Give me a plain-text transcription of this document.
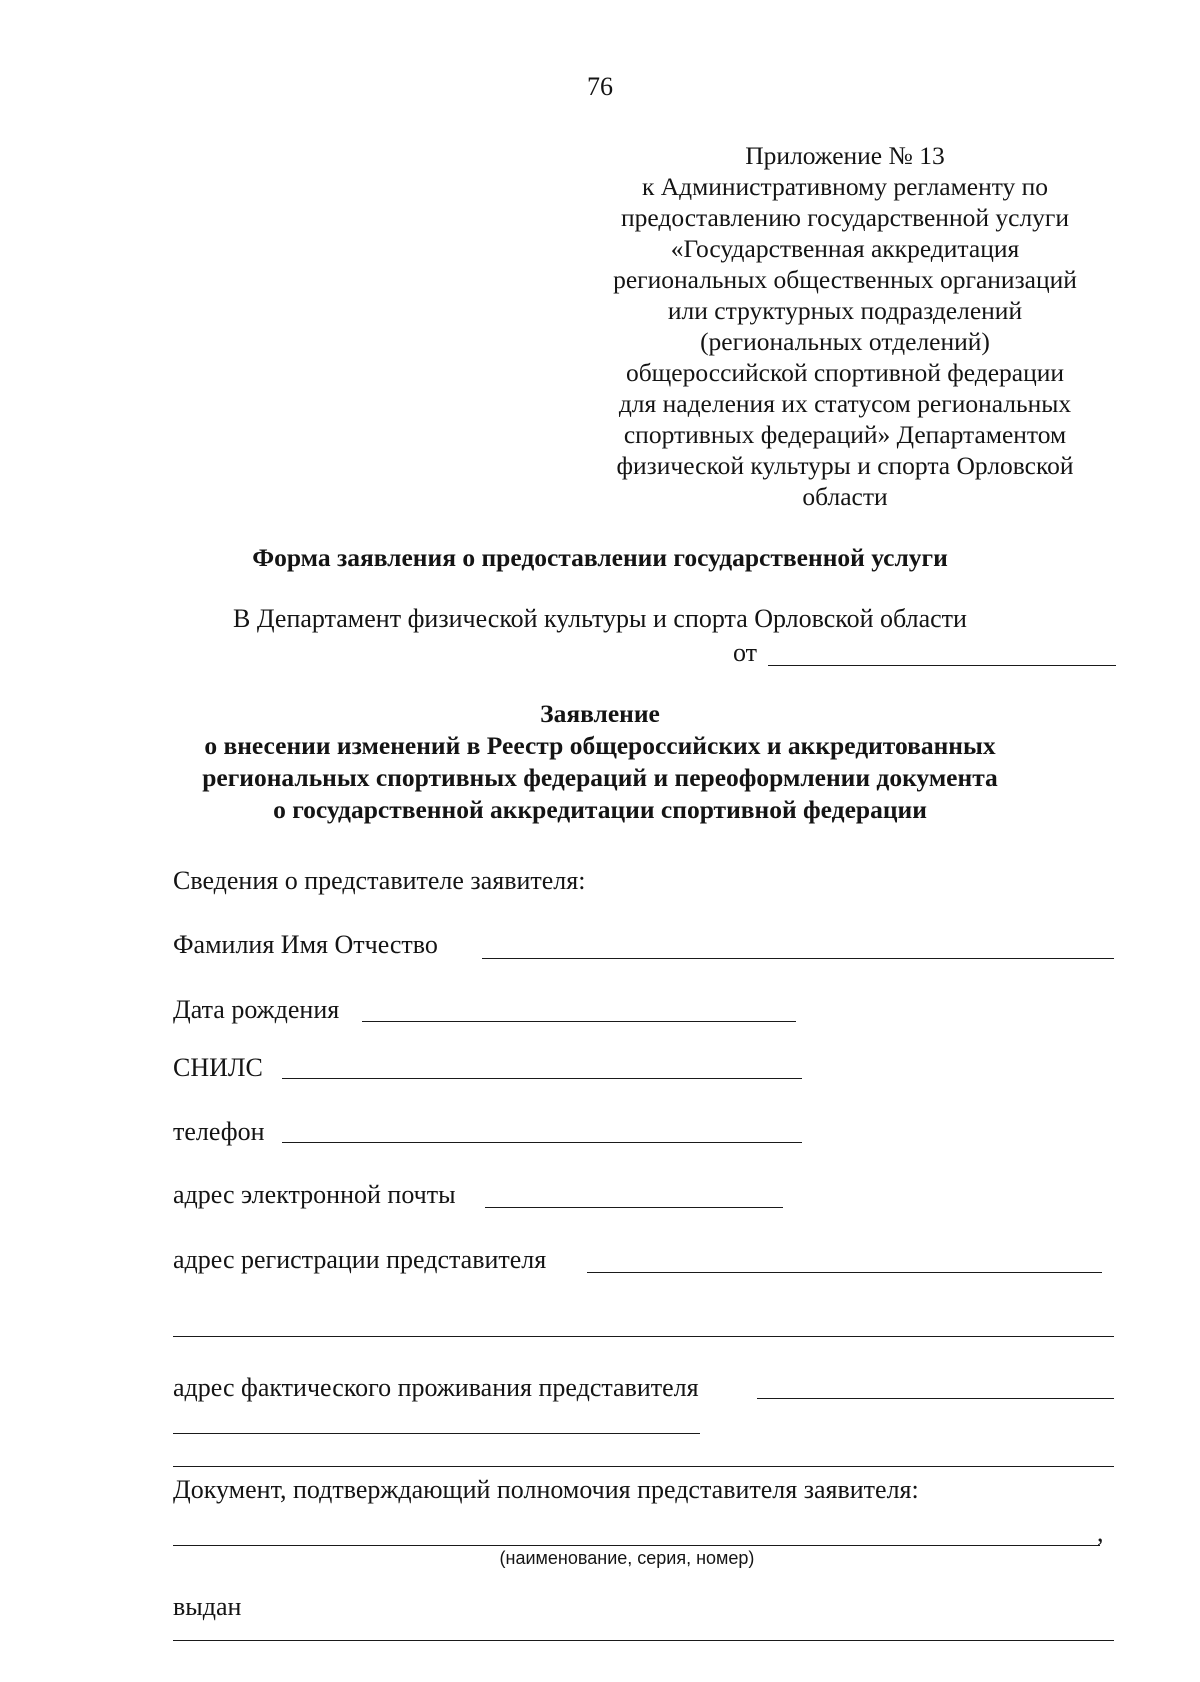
76
Приложение № 13
к Административному регламенту по
предоставлению государственной услуги
«Государственная аккредитация
региональных общественных организаций
или структурных подразделений
(региональных отделений)
общероссийской спортивной федерации
для наделения их статусом региональных
спортивных федераций» Департаментом
физической культуры и спорта Орловской
области
Форма заявления о предоставлении государственной услуги
В Департамент физической культуры и спорта Орловской области
от
Заявление
о внесении изменений в Реестр общероссийских и аккредитованных
региональных спортивных федераций и переоформлении документа
о государственной аккредитации спортивной федерации
Сведения о представителе заявителя:
Фамилия Имя Отчество
Дата рождения
СНИЛС
телефон
адрес электронной почты
адрес регистрации представителя
адрес фактического проживания представителя
Документ, подтверждающий полномочия представителя заявителя:
,
(наименование, серия, номер)
выдан
